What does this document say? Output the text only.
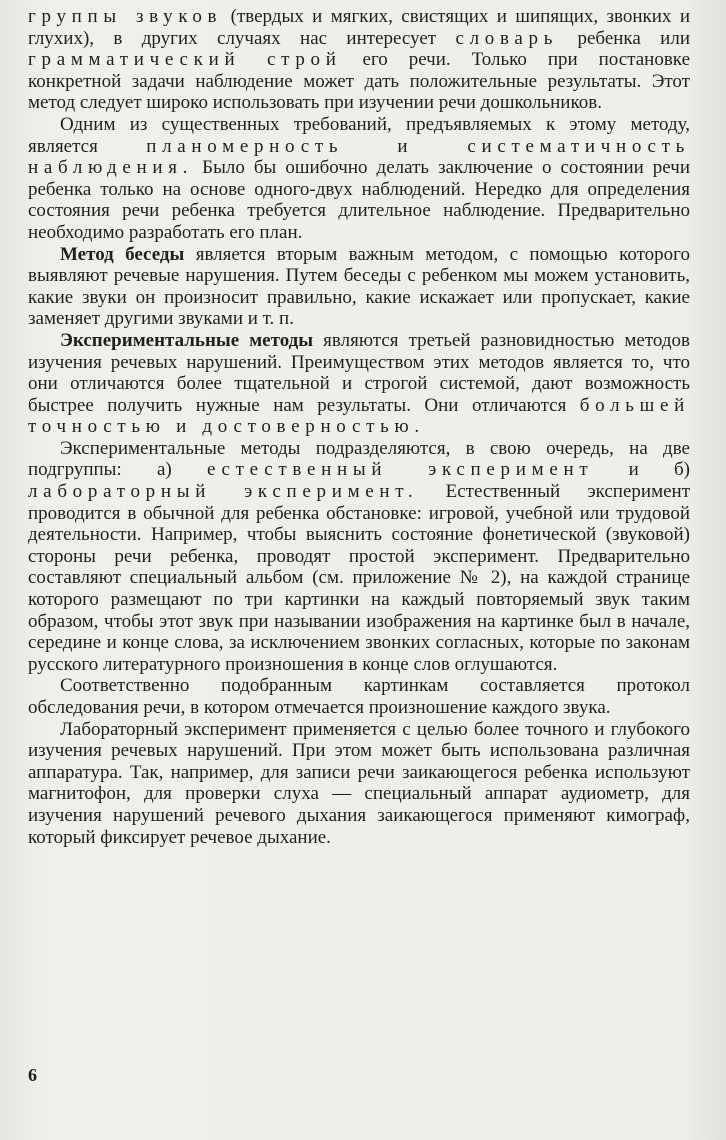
группы звуков (твердых и мягких, свистящих и шипящих, звонких и глухих), в других случаях нас интересует словарь ребенка или грамматический строй его речи. Только при постановке конкретной задачи наблюдение может дать положительные результаты. Этот метод следует широко использовать при изучении речи дошкольников.

Одним из существенных требований, предъявляемых к этому методу, является планомерность и систематичность наблюдения. Было бы ошибочно делать заключение о состоянии речи ребенка только на основе одного-двух наблюдений. Нередко для определения состояния речи ребенка требуется длительное наблюдение. Предварительно необходимо разработать его план.

Метод беседы является вторым важным методом, с помощью которого выявляют речевые нарушения. Путем беседы с ребенком мы можем установить, какие звуки он произносит правильно, какие искажает или пропускает, какие заменяет другими звуками и т. п.

Экспериментальные методы являются третьей разновидностью методов изучения речевых нарушений. Преимуществом этих методов является то, что они отличаются более тщательной и строгой системой, дают возможность быстрее получить нужные нам результаты. Они отличаются большей точностью и достоверностью.

Экспериментальные методы подразделяются, в свою очередь, на две подгруппы: а) естественный эксперимент и б) лабораторный эксперимент. Естественный эксперимент проводится в обычной для ребенка обстановке: игровой, учебной или трудовой деятельности. Например, чтобы выяснить состояние фонетической (звуковой) стороны речи ребенка, проводят простой эксперимент. Предварительно составляют специальный альбом (см. приложение № 2), на каждой странице которого размещают по три картинки на каждый повторяемый звук таким образом, чтобы этот звук при назывании изображения на картинке был в начале, середине и конце слова, за исключением звонких согласных, которые по законам русского литературного произношения в конце слов оглушаются.

Соответственно подобранным картинкам составляется протокол обследования речи, в котором отмечается произношение каждого звука.

Лабораторный эксперимент применяется с целью более точного и глубокого изучения речевых нарушений. При этом может быть использована различная аппаратура. Так, например, для записи речи заикающегося ребенка используют магнитофон, для проверки слуха — специальный аппарат аудиометр, для изучения нарушений речевого дыхания заикающегося применяют кимограф, который фиксирует речевое дыхание.

6
